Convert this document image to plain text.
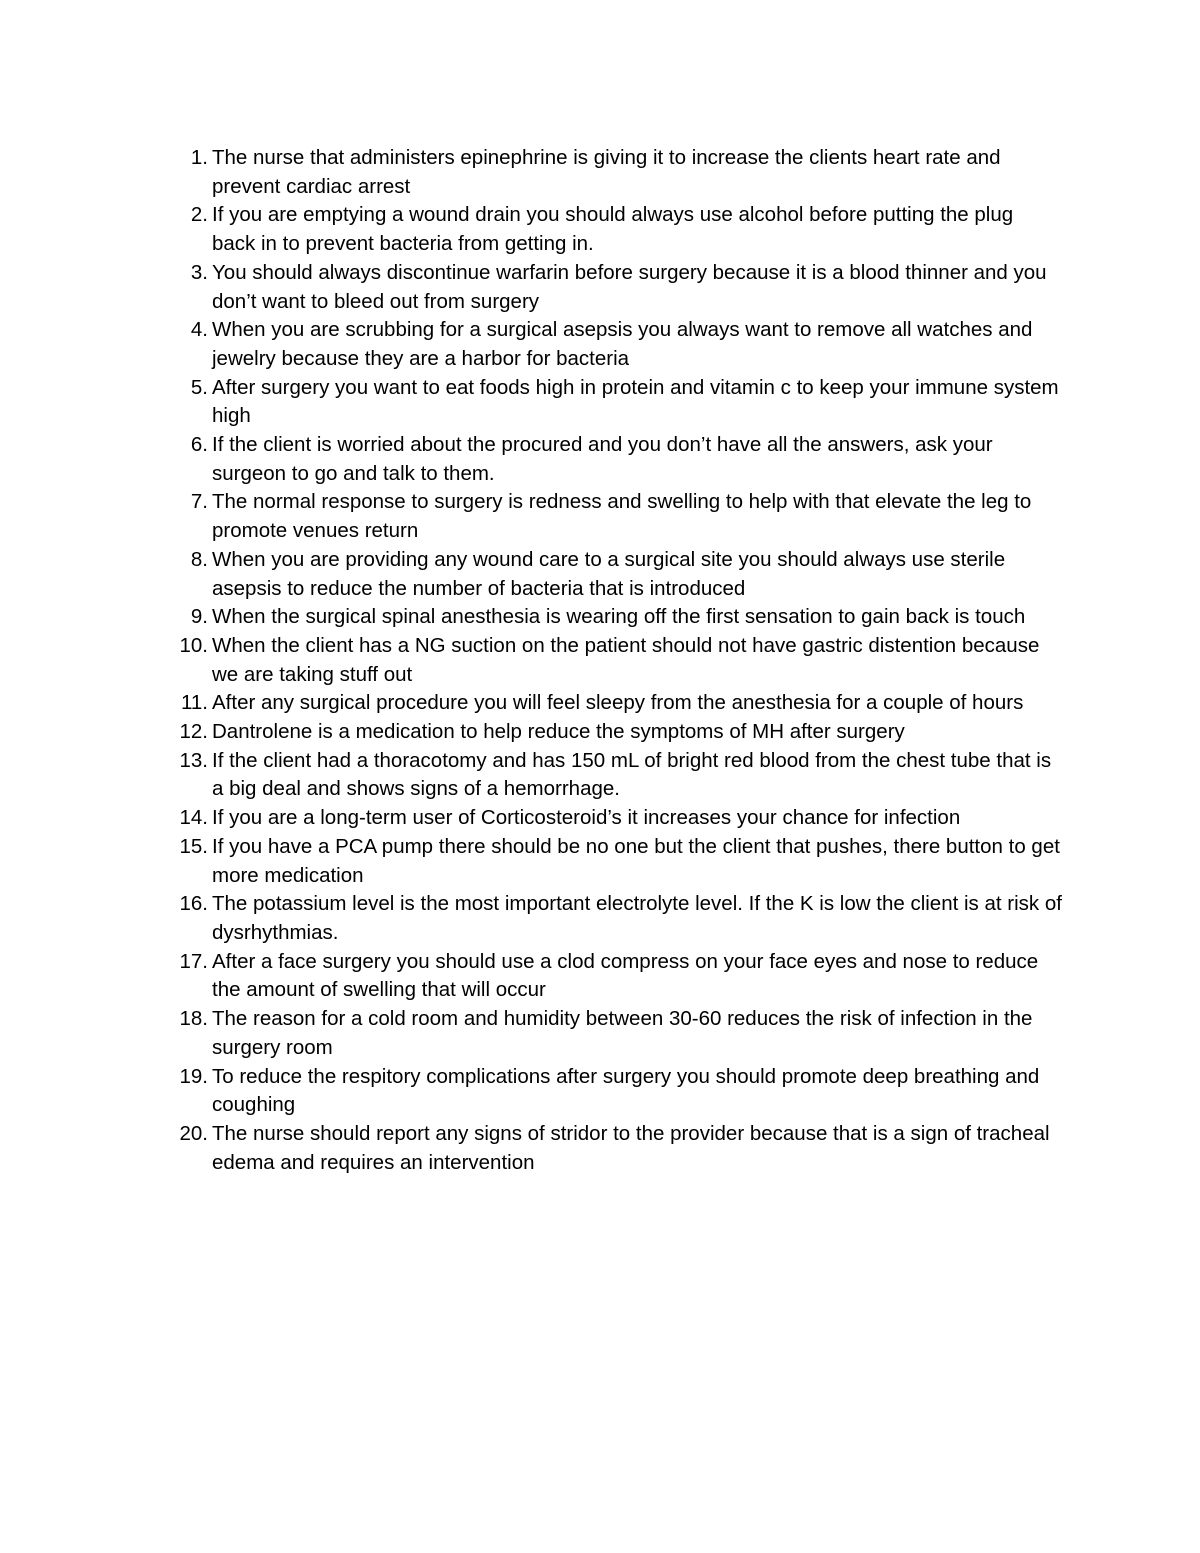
1. The nurse that administers epinephrine is giving it to increase the clients heart rate and prevent cardiac arrest
2. If you are emptying a wound drain you should always use alcohol before putting the plug back in to prevent bacteria from getting in.
3. You should always discontinue warfarin before surgery because it is a blood thinner and you don’t want to bleed out from surgery
4. When you are scrubbing for a surgical asepsis you always want to remove all watches and jewelry because they are a harbor for bacteria
5. After surgery you want to eat foods high in protein and vitamin c to keep your immune system high
6. If the client is worried about the procured and you don’t have all the answers, ask your surgeon to go and talk to them.
7. The normal response to surgery is redness and swelling to help with that elevate the leg to promote venues return
8. When you are providing any wound care to a surgical site you should always use sterile asepsis to reduce the number of bacteria that is introduced
9. When the surgical spinal anesthesia is wearing off the first sensation to gain back is touch
10. When the client has a NG suction on the patient should not have gastric distention because we are taking stuff out
11. After any surgical procedure you will feel sleepy from the anesthesia for a couple of hours
12. Dantrolene is a medication to help reduce the symptoms of MH after surgery
13. If the client had a thoracotomy and has 150 mL of bright red blood from the chest tube that is a big deal and shows signs of a hemorrhage.
14. If you are a long-term user of Corticosteroid’s it increases your chance for infection
15. If you have a PCA pump there should be no one but the client that pushes, there button to get more medication
16. The potassium level is the most important electrolyte level. If the K is low the client is at risk of dysrhythmias.
17. After a face surgery you should use a clod compress on your face eyes and nose to reduce the amount of swelling that will occur
18. The reason for a cold room and humidity between 30-60 reduces the risk of infection in the surgery room
19. To reduce the respitory complications after surgery you should promote deep breathing and coughing
20. The nurse should report any signs of stridor to the provider because that is a sign of tracheal edema and requires an intervention
